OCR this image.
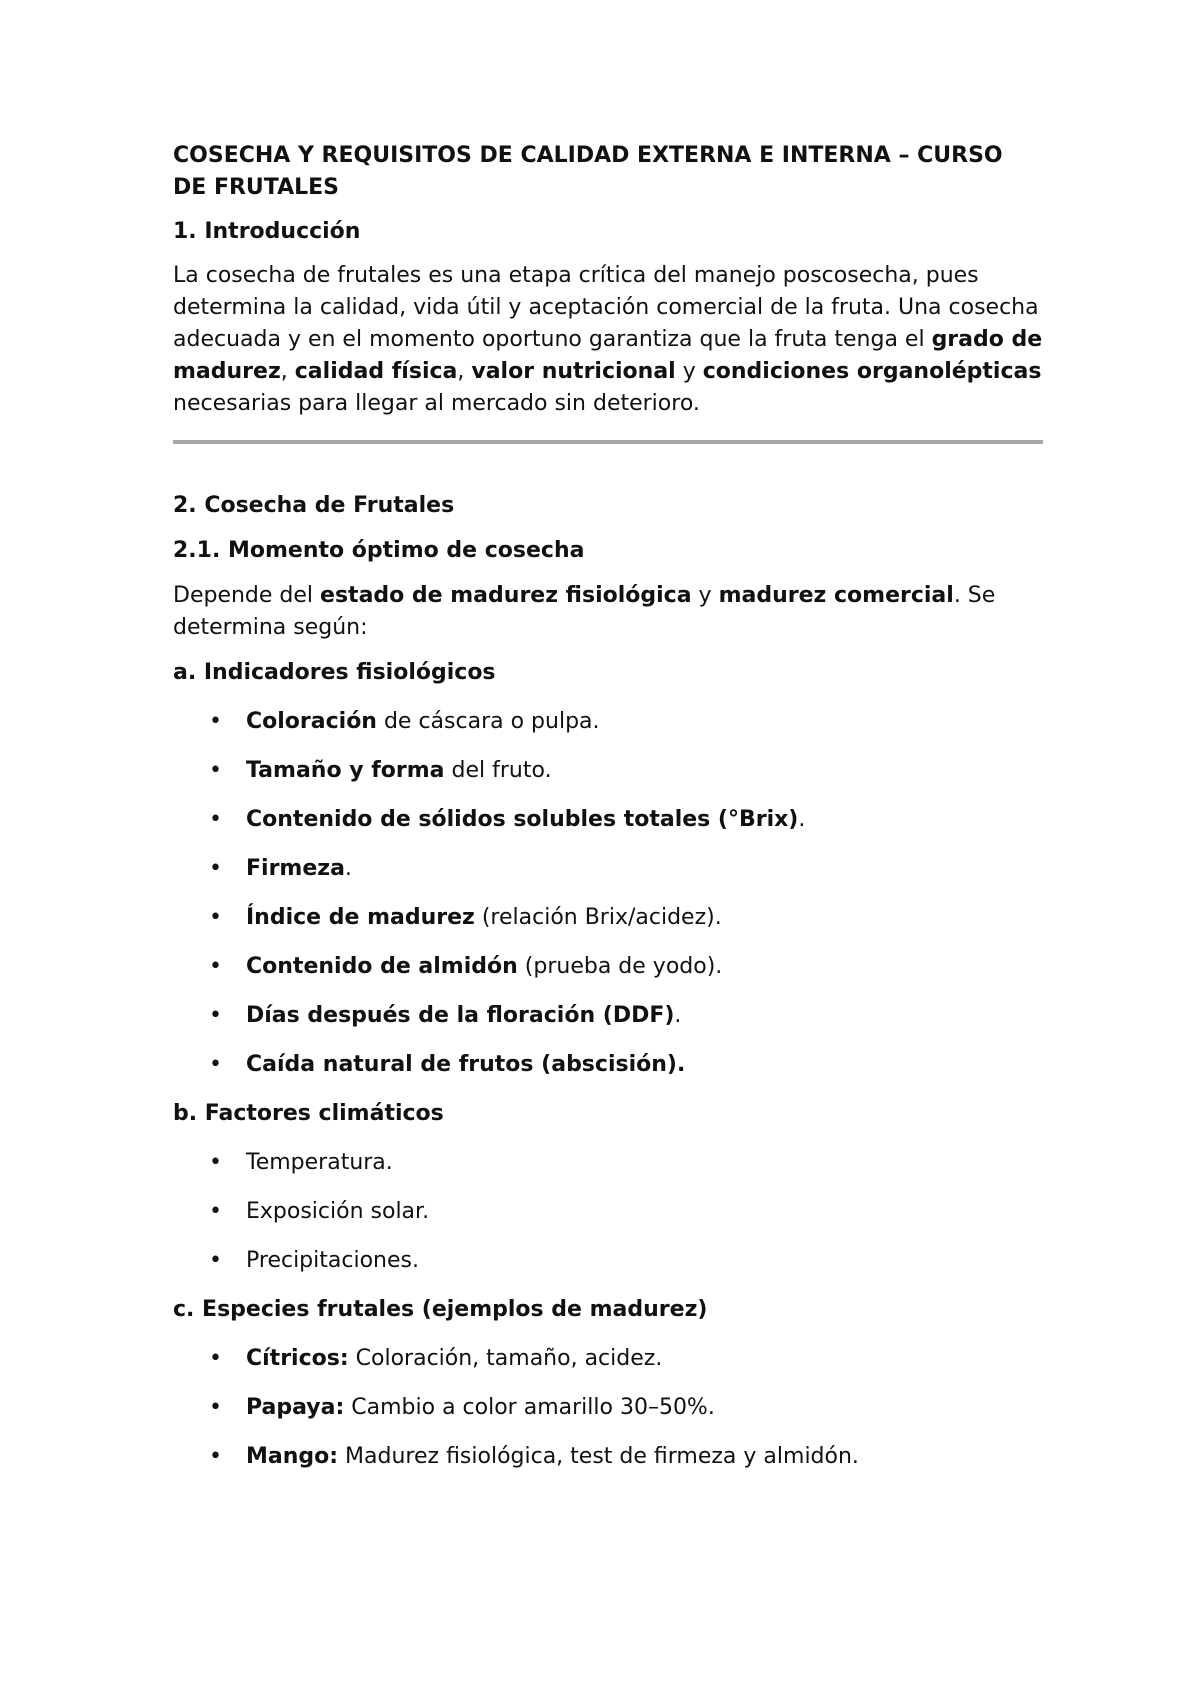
COSECHA Y REQUISITOS DE CALIDAD EXTERNA E INTERNA – CURSO DE FRUTALES
1. Introducción

La cosecha de frutales es una etapa crítica del manejo poscosecha, pues determina la calidad, vida útil y aceptación comercial de la fruta. Una cosecha adecuada y en el momento oportuno garantiza que la fruta tenga el grado de madurez, calidad física, valor nutricional y condiciones organolépticas necesarias para llegar al mercado sin deterioro.

2. Cosecha de Frutales
2.1. Momento óptimo de cosecha

Depende del estado de madurez fisiológica y madurez comercial. Se determina según:

a. Indicadores fisiológicos
• Coloración de cáscara o pulpa.
• Tamaño y forma del fruto.
• Contenido de sólidos solubles totales (°Brix).
• Firmeza.
• Índice de madurez (relación Brix/acidez).
• Contenido de almidón (prueba de yodo).
• Días después de la floración (DDF).
• Caída natural de frutos (abscisión).
b. Factores climáticos
• Temperatura.
• Exposición solar.
• Precipitaciones.
c. Especies frutales (ejemplos de madurez)
• Cítricos: Coloración, tamaño, acidez.
• Papaya: Cambio a color amarillo 30–50%.
• Mango: Madurez fisiológica, test de firmeza y almidón.
